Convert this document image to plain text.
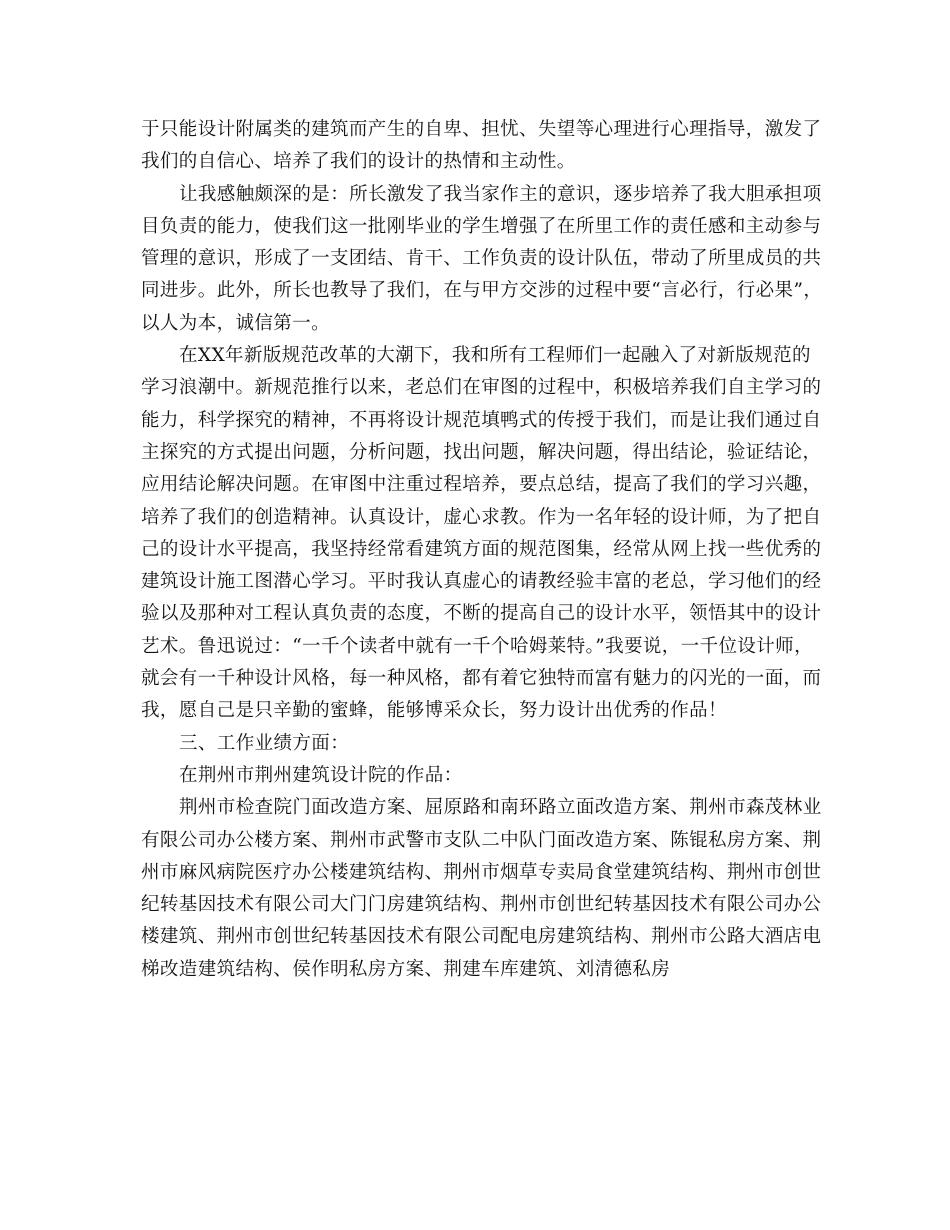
于只能设计附属类的建筑而产生的自卑、担忧、失望等心理进行心理指导，激发了
我们的自信心、培养了我们的设计的热情和主动性。
让我感触颇深的是：所长激发了我当家作主的意识，逐步培养了我大胆承担项
目负责的能力，使我们这一批刚毕业的学生增强了在所里工作的责任感和主动参与
管理的意识，形成了一支团结、肯干、工作负责的设计队伍，带动了所里成员的共
同进步。此外，所长也教导了我们，在与甲方交涉的过程中要“言必行，行必果”，
以人为本，诚信第一。
在XX年新版规范改革的大潮下，我和所有工程师们一起融入了对新版规范的
学习浪潮中。新规范推行以来，老总们在审图的过程中，积极培养我们自主学习的
能力，科学探究的精神，不再将设计规范填鸭式的传授于我们，而是让我们通过自
主探究的方式提出问题，分析问题，找出问题，解决问题，得出结论，验证结论，
应用结论解决问题。在审图中注重过程培养，要点总结，提高了我们的学习兴趣，
培养了我们的创造精神。认真设计，虚心求教。作为一名年轻的设计师，为了把自
己的设计水平提高，我坚持经常看建筑方面的规范图集，经常从网上找一些优秀的
建筑设计施工图潜心学习。平时我认真虚心的请教经验丰富的老总，学习他们的经
验以及那种对工程认真负责的态度，不断的提高自己的设计水平，领悟其中的设计
艺术。鲁迅说过：“一千个读者中就有一千个哈姆莱特。”我要说，一千位设计师，
就会有一千种设计风格，每一种风格，都有着它独特而富有魅力的闪光的一面，而
我，愿自己是只辛勤的蜜蜂，能够博采众长，努力设计出优秀的作品！
三、工作业绩方面：
在荆州市荆州建筑设计院的作品：
荆州市检查院门面改造方案、屈原路和南环路立面改造方案、荆州市森茂林业
有限公司办公楼方案、荆州市武警市支队二中队门面改造方案、陈锟私房方案、荆
州市麻风病院医疗办公楼建筑结构、荆州市烟草专卖局食堂建筑结构、荆州市创世
纪转基因技术有限公司大门门房建筑结构、荆州市创世纪转基因技术有限公司办公
楼建筑、荆州市创世纪转基因技术有限公司配电房建筑结构、荆州市公路大酒店电
梯改造建筑结构、侯作明私房方案、荆建车库建筑、刘清德私房
